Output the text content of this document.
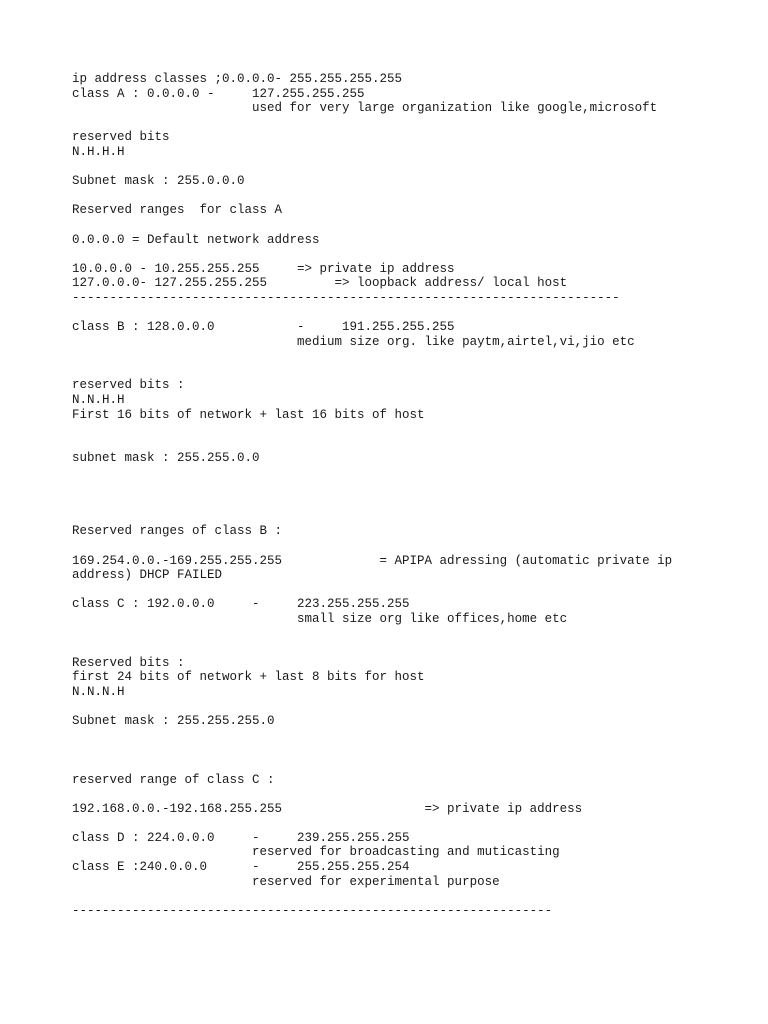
ip address classes ;0.0.0.0- 255.255.255.255
class A : 0.0.0.0 -     127.255.255.255
used for very large organization like google,microsoft
reserved bits
N.H.H.H
Subnet mask : 255.0.0.0
Reserved ranges  for class A
0.0.0.0 = Default network address
10.0.0.0 - 10.255.255.255     => private ip address
127.0.0.0- 127.255.255.255         => loopback address/ local host
-------------------------------------------------------------------------
class B : 128.0.0.0           -     191.255.255.255
medium size org. like paytm,airtel,vi,jio etc
reserved bits :
N.N.H.H
First 16 bits of network + last 16 bits of host
subnet mask : 255.255.0.0
Reserved ranges of class B :
169.254.0.0.-169.255.255.255             = APIPA adressing (automatic private ip
address) DHCP FAILED
class C : 192.0.0.0     -     223.255.255.255
small size org like offices,home etc
Reserved bits :
first 24 bits of network + last 8 bits for host
N.N.N.H
Subnet mask : 255.255.255.0
reserved range of class C :
192.168.0.0.-192.168.255.255                   => private ip address
class D : 224.0.0.0     -     239.255.255.255
reserved for broadcasting and muticasting
class E :240.0.0.0      -     255.255.255.254
reserved for experimental purpose
----------------------------------------------------------------
